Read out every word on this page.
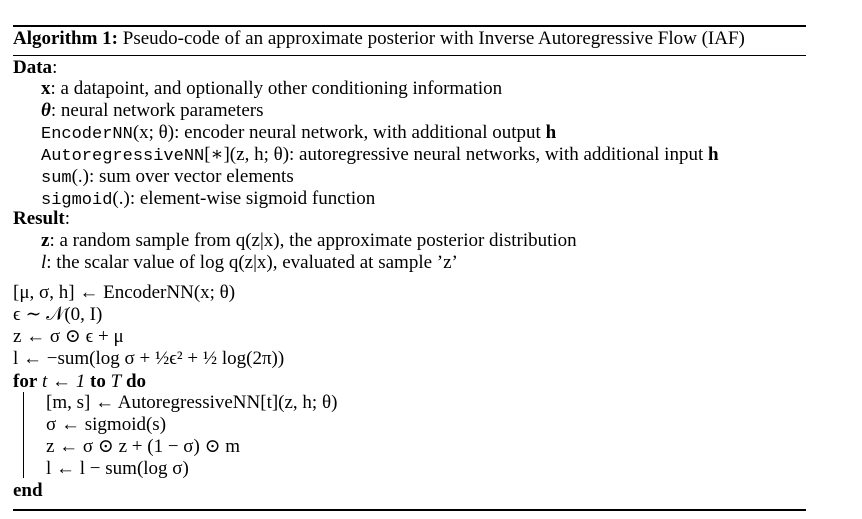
Algorithm 1: Pseudo-code of an approximate posterior with Inverse Autoregressive Flow (IAF)
Data:
x: a datapoint, and optionally other conditioning information
θ: neural network parameters
EncoderNN(x; θ): encoder neural network, with additional output h
AutoregressiveNN[∗](z, h; θ): autoregressive neural networks, with additional input h
sum(.): sum over vector elements
sigmoid(.): element-wise sigmoid function
Result:
z: a random sample from q(z|x), the approximate posterior distribution
l: the scalar value of log q(z|x), evaluated at sample ’z’
[μ, σ, h] ← EncoderNN(x; θ)
ϵ ∼ 𝒩(0, I)
z ← σ ⊙ ϵ + μ
l ← −sum(log σ + ½ϵ² + ½ log(2π))
for t ← 1 to T do
[m, s] ← AutoregressiveNN[t](z, h; θ)
σ ← sigmoid(s)
z ← σ ⊙ z + (1 − σ) ⊙ m
l ← l − sum(log σ)
end
